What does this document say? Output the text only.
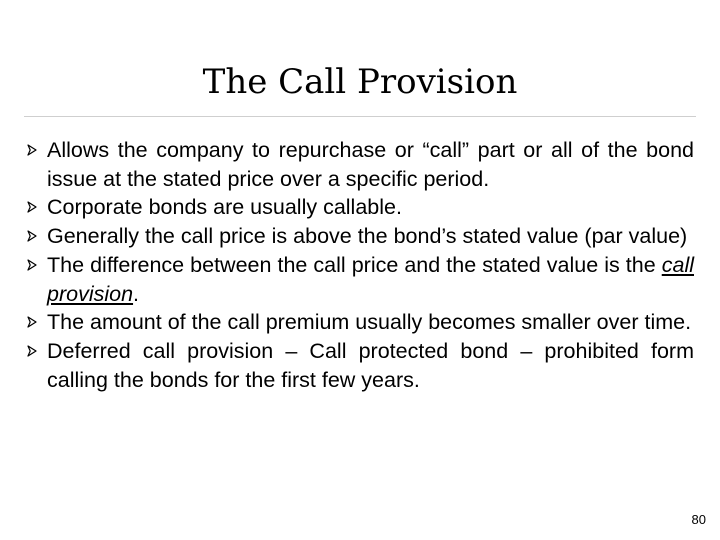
The Call Provision
Allows the company to repurchase or “call” part or all of the bond issue at the stated price over a specific period.
Corporate bonds are usually callable.
Generally the call price is above the bond’s stated value (par value)
The difference between the call price and the stated value is the call provision.
The amount of the call premium usually becomes smaller over time.
Deferred call provision – Call protected bond – prohibited form calling the bonds for the first few years.
80
